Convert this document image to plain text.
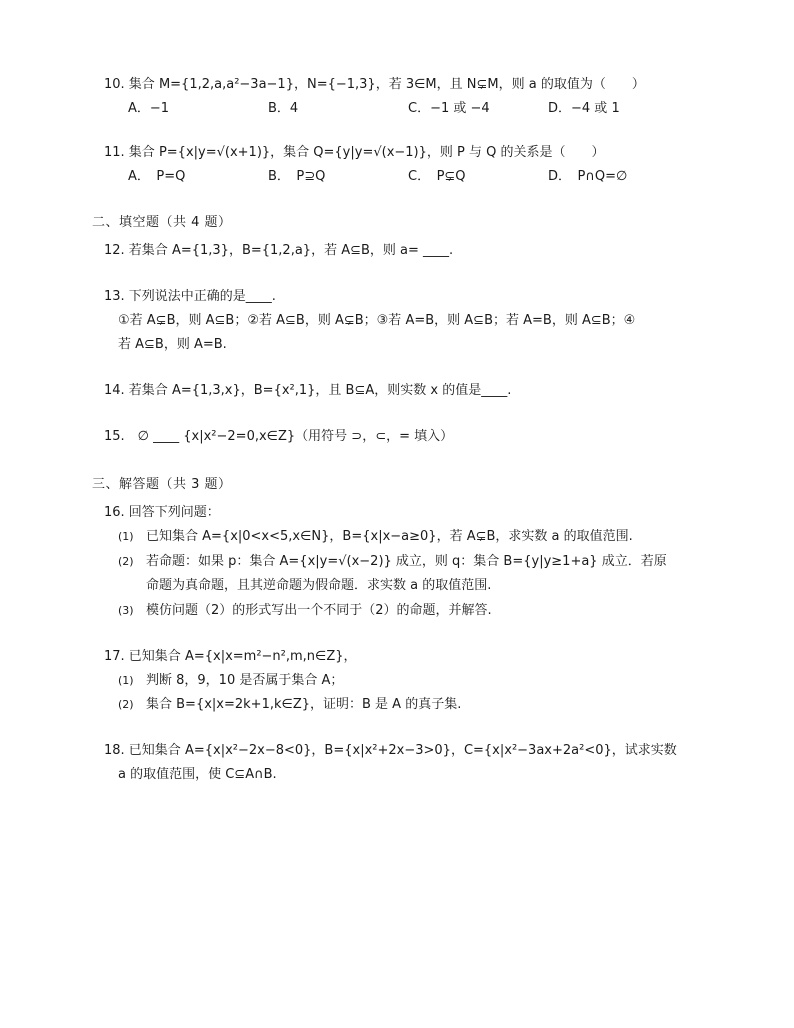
10. 集合 M={1,2,a,a²−3a−1}，N={−1,3}，若 3∈M，且 N⊊M，则 a 的取值为（　　）
A．−1	B．4	C．−1 或 −4	D．−4 或 1
11. 集合 P={x|y=√(x+1)}，集合 Q={y|y=√(x−1)}，则 P 与 Q 的关系是（　　）
A．　P=Q	B．　P⊇Q	C．　P⊊Q	D．　P∩Q=∅
二、填空题（共 4 题）
12. 若集合 A={1,3}，B={1,2,a}，若 A⊆B，则 a= ____.
13. 下列说法中正确的是____.
①若 A⊊B，则 A⊆B；②若 A⊆B，则 A⊊B；③若 A=B，则 A⊆B；若 A=B，则 A⊆B；④
若 A⊆B，则 A=B.
14. 若集合 A={1,3,x}，B={x²,1}，且 B⊆A，则实数 x 的值是____.
15.　∅ ____ {x|x²−2=0,x∈Z}（用符号 ⊃，⊂，= 填入）
三、解答题（共 3 题）
16. 回答下列问题：
(1) 已知集合 A={x|0<x<5,x∈N}，B={x|x−a≥0}，若 A⊊B，求实数 a 的取值范围.
(2) 若命题：如果 p：集合 A={x|y=√(x−2)} 成立，则 q：集合 B={y|y≥1+a} 成立．若原
命题为真命题，且其逆命题为假命题．求实数 a 的取值范围.
(3) 模仿问题（2）的形式写出一个不同于（2）的命题，并解答.
17. 已知集合 A={x|x=m²−n²,m,n∈Z}，
(1) 判断 8，9，10 是否属于集合 A；
(2) 集合 B={x|x=2k+1,k∈Z}，证明：B 是 A 的真子集.
18. 已知集合 A={x|x²−2x−8<0}，B={x|x²+2x−3>0}，C={x|x²−3ax+2a²<0}，试求实数
a 的取值范围，使 C⊆A∩B.
